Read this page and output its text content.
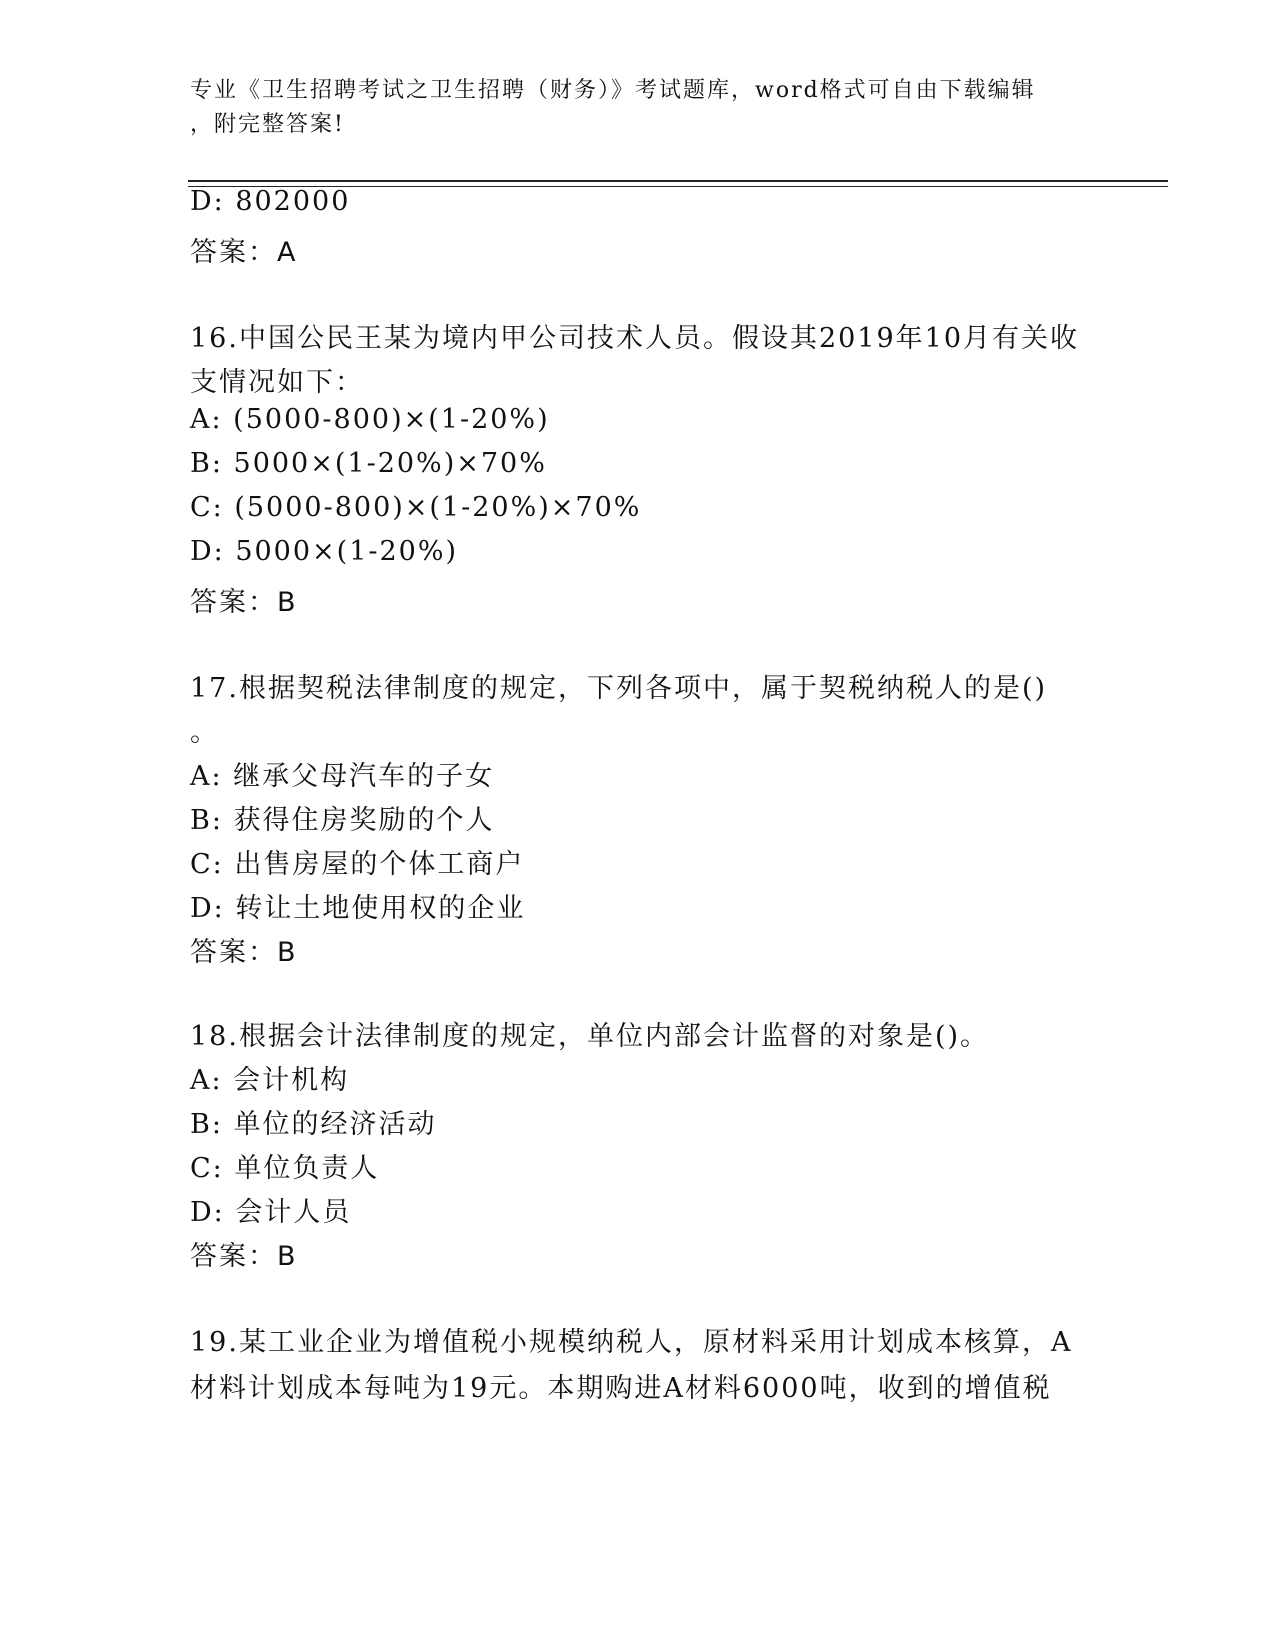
专业《卫生招聘考试之卫生招聘（财务）》考试题库，word格式可自由下载编辑
，附完整答案!
D: 802000
答案：A
16.中国公民王某为境内甲公司技术人员。假设其2019年10月有关收
支情况如下：
A: (5000-800)×(1-20%)
B: 5000×(1-20%)×70%
C: (5000-800)×(1-20%)×70%
D: 5000×(1-20%)
答案：B
17.根据契税法律制度的规定，下列各项中，属于契税纳税人的是()
。
A: 继承父母汽车的子女
B: 获得住房奖励的个人
C: 出售房屋的个体工商户
D: 转让土地使用权的企业
答案：B
18.根据会计法律制度的规定，单位内部会计监督的对象是()。
A: 会计机构
B: 单位的经济活动
C: 单位负责人
D: 会计人员
答案：B
19.某工业企业为增值税小规模纳税人，原材料采用计划成本核算，A
材料计划成本每吨为19元。本期购进A材料6000吨，收到的增值税
